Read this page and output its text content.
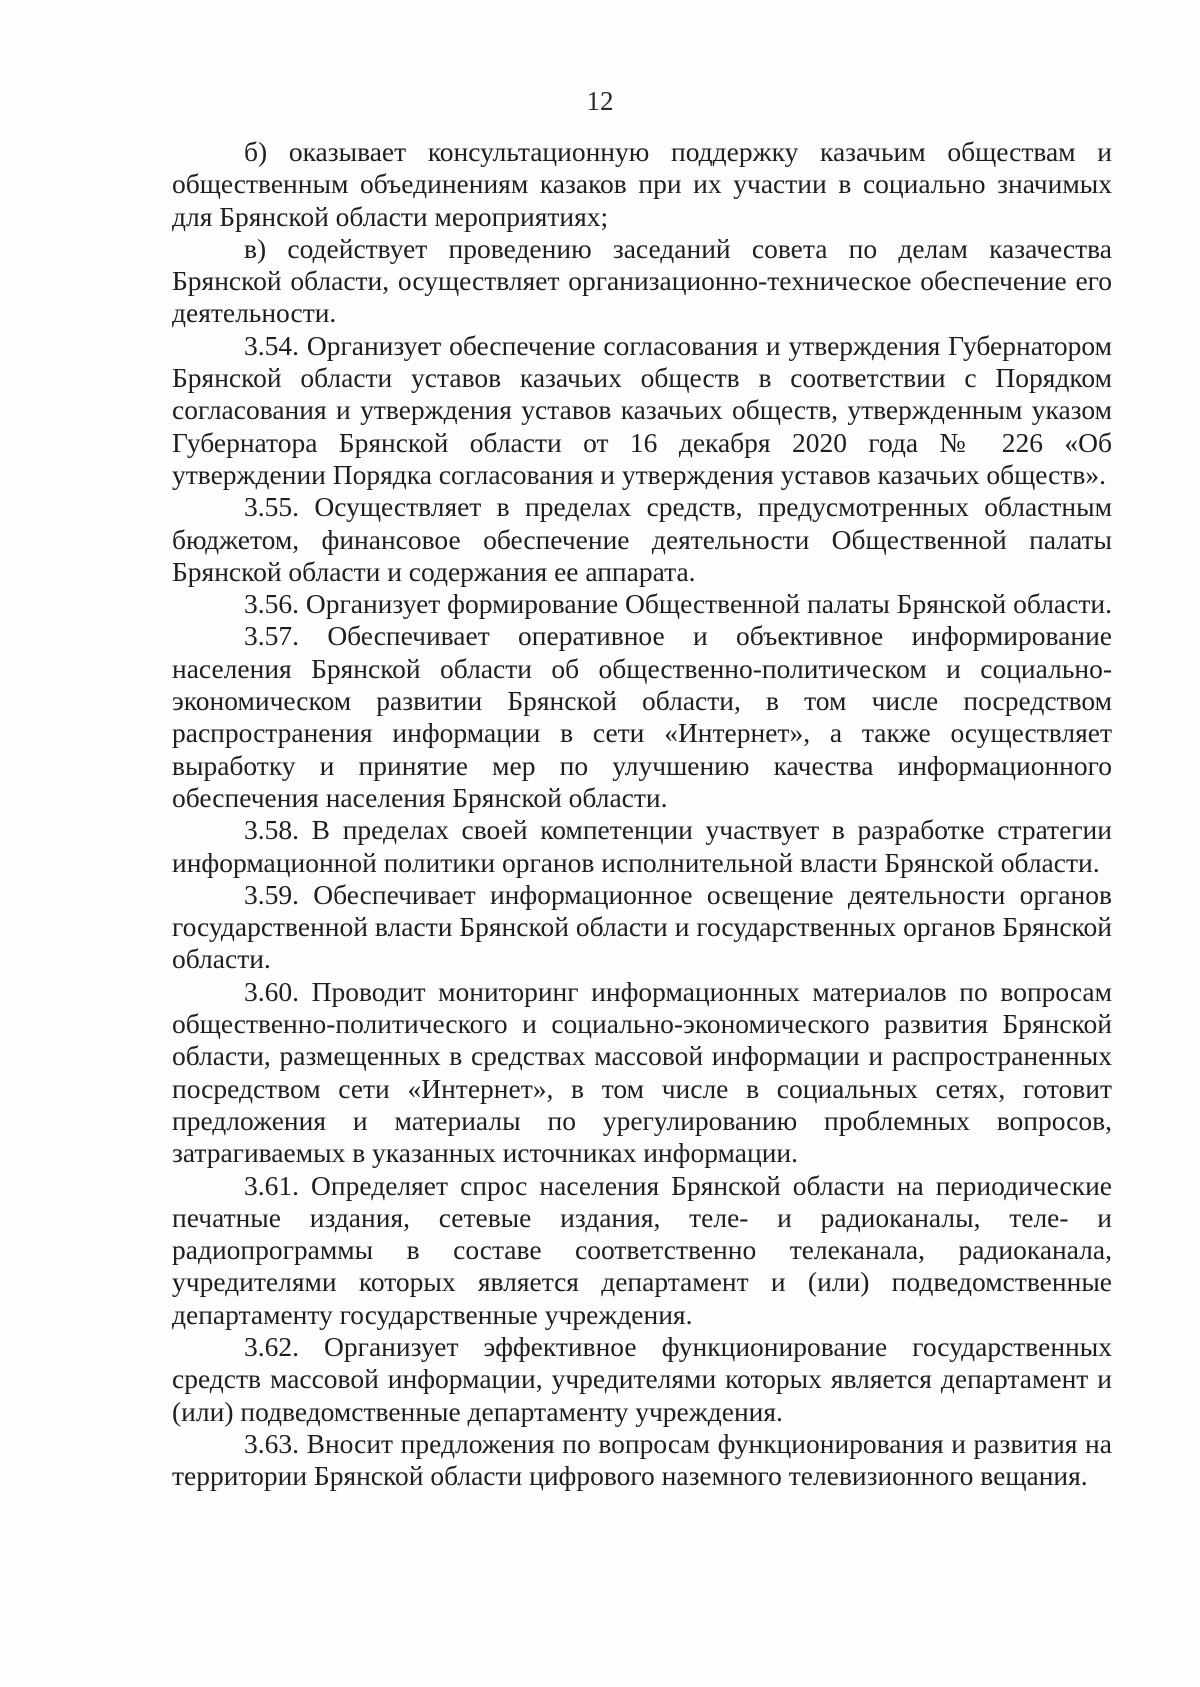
12

б) оказывает консультационную поддержку казачьим обществам и общественным объединениям казаков при их участии в социально значимых для Брянской области мероприятиях;

в) содействует проведению заседаний совета по делам казачества Брянской области, осуществляет организационно-техническое обеспечение его деятельности.

3.54. Организует обеспечение согласования и утверждения Губернатором Брянской области уставов казачьих обществ в соответствии с Порядком согласования и утверждения уставов казачьих обществ, утвержденным указом Губернатора Брянской области от 16 декабря 2020 года № 226 «Об утверждении Порядка согласования и утверждения уставов казачьих обществ».

3.55. Осуществляет в пределах средств, предусмотренных областным бюджетом, финансовое обеспечение деятельности Общественной палаты Брянской области и содержания ее аппарата.

3.56. Организует формирование Общественной палаты Брянской области.

3.57. Обеспечивает оперативное и объективное информирование населения Брянской области об общественно-политическом и социально-экономическом развитии Брянской области, в том числе посредством распространения информации в сети «Интернет», а также осуществляет выработку и принятие мер по улучшению качества информационного обеспечения населения Брянской области.

3.58. В пределах своей компетенции участвует в разработке стратегии информационной политики органов исполнительной власти Брянской области.

3.59. Обеспечивает информационное освещение деятельности органов государственной власти Брянской области и государственных органов Брянской области.

3.60. Проводит мониторинг информационных материалов по вопросам общественно-политического и социально-экономического развития Брянской области, размещенных в средствах массовой информации и распространенных посредством сети «Интернет», в том числе в социальных сетях, готовит предложения и материалы по урегулированию проблемных вопросов, затрагиваемых в указанных источниках информации.

3.61. Определяет спрос населения Брянской области на периодические печатные издания, сетевые издания, теле- и радиоканалы, теле- и радиопрограммы в составе соответственно телеканала, радиоканала, учредителями которых является департамент и (или) подведомственные департаменту государственные учреждения.

3.62. Организует эффективное функционирование государственных средств массовой информации, учредителями которых является департамент и (или) подведомственные департаменту учреждения.

3.63. Вносит предложения по вопросам функционирования и развития на территории Брянской области цифрового наземного телевизионного вещания.
